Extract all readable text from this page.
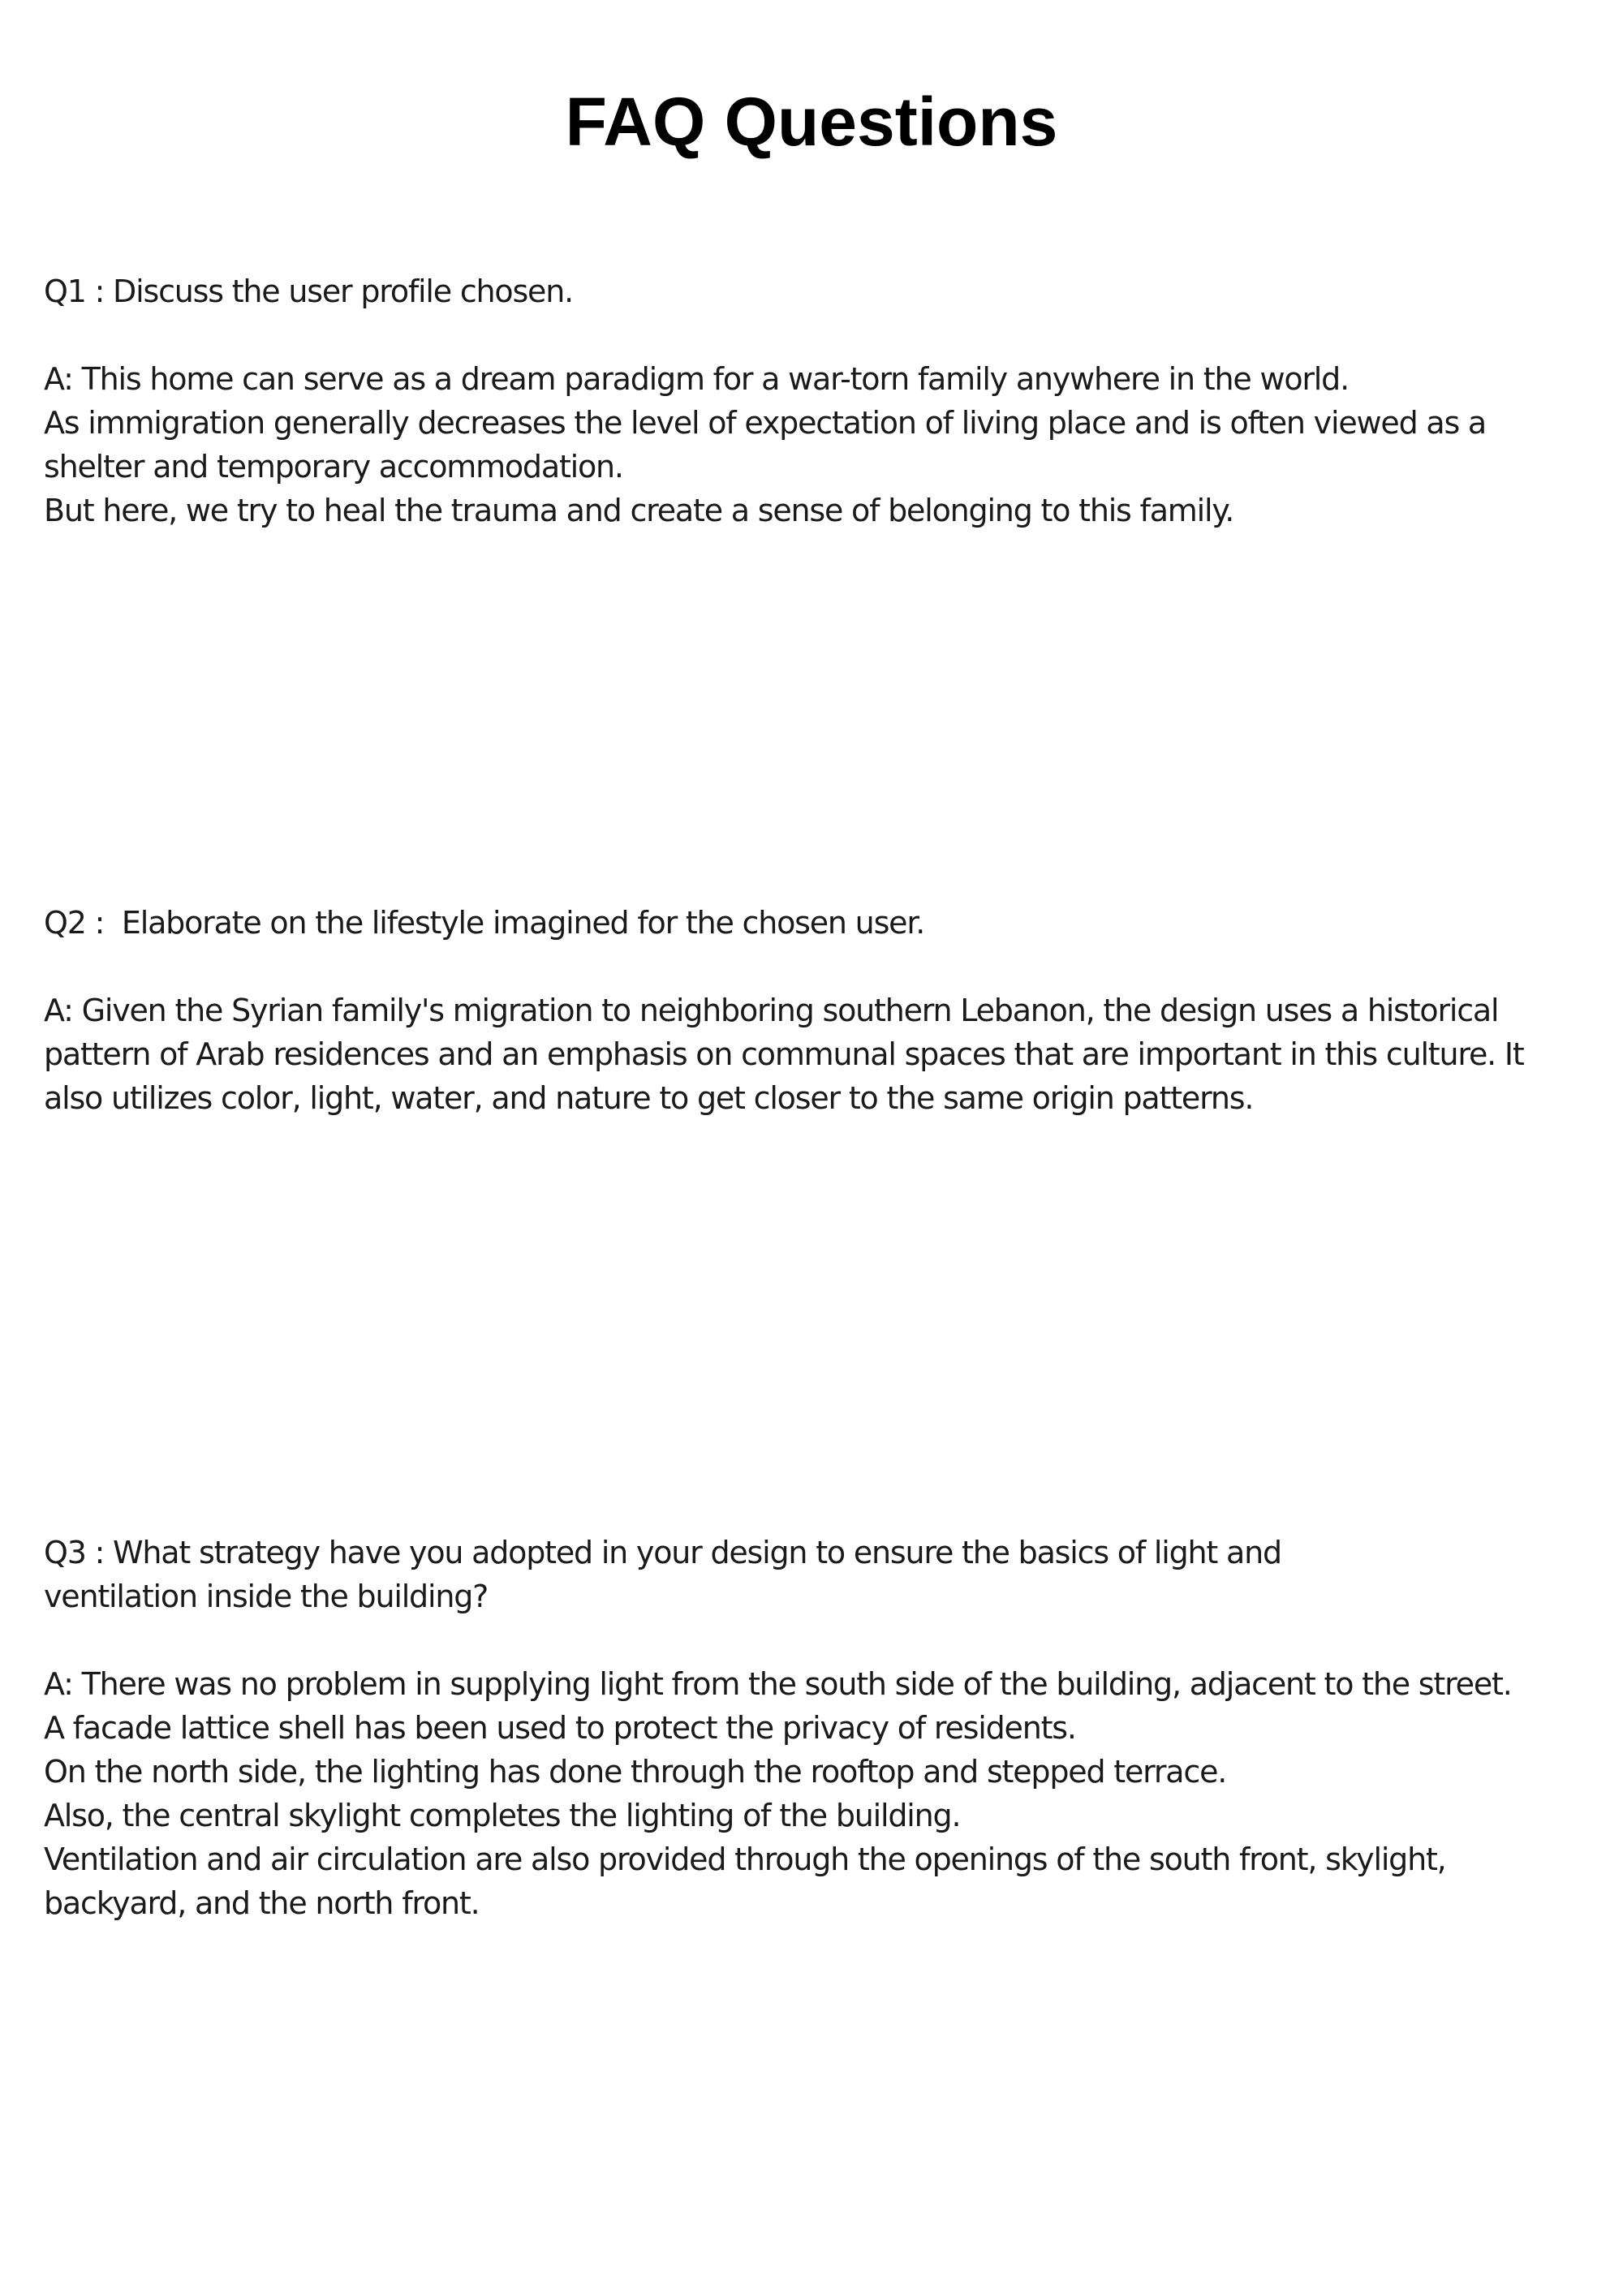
FAQ Questions
Q1 : Discuss the user profile chosen.
A: This home can serve as a dream paradigm for a war-torn family anywhere in the world.
As immigration generally decreases the level of expectation of living place and is often viewed as a
shelter and temporary accommodation.
But here, we try to heal the trauma and create a sense of belonging to this family.
Q2 :  Elaborate on the lifestyle imagined for the chosen user.
A: Given the Syrian family's migration to neighboring southern Lebanon, the design uses a historical
pattern of Arab residences and an emphasis on communal spaces that are important in this culture. It
also utilizes color, light, water, and nature to get closer to the same origin patterns.
Q3 : What strategy have you adopted in your design to ensure the basics of light and
ventilation inside the building?
A: There was no problem in supplying light from the south side of the building, adjacent to the street.
A facade lattice shell has been used to protect the privacy of residents.
On the north side, the lighting has done through the rooftop and stepped terrace.
Also, the central skylight completes the lighting of the building.
Ventilation and air circulation are also provided through the openings of the south front, skylight,
backyard, and the north front.
